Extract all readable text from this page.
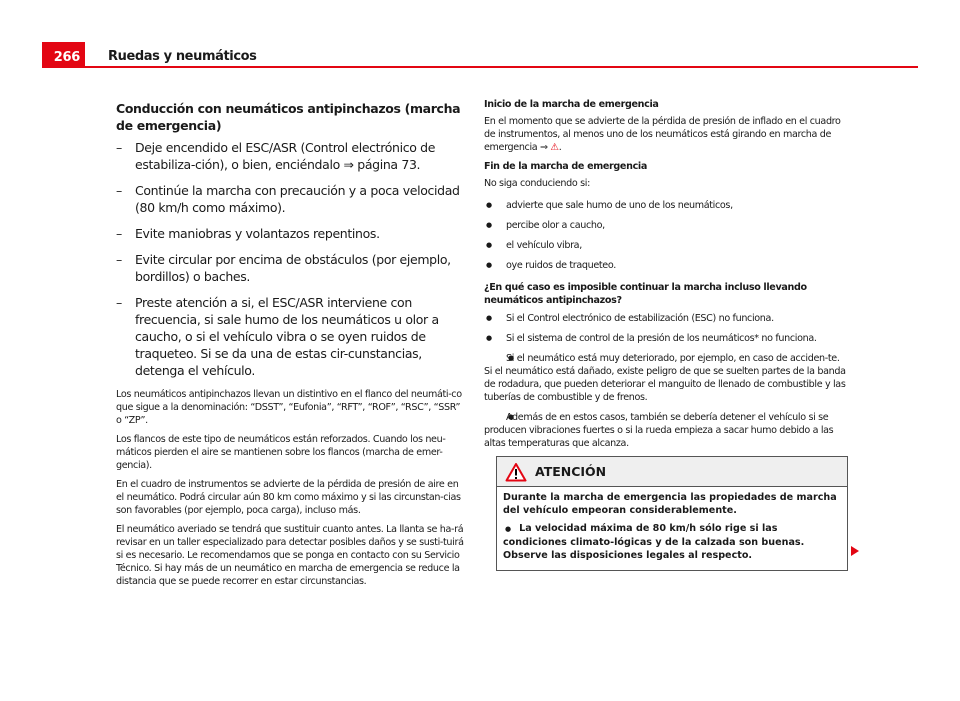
266	Ruedas y neumáticos
Conducción con neumáticos antipinchazos (marcha de emergencia)
– Deje encendido el ESC/ASR (Control electrónico de estabiliza-ción), o bien, enciéndalo ⇒ página 73.
– Continúe la marcha con precaución y a poca velocidad (80 km/h como máximo).
– Evite maniobras y volantazos repentinos.
– Evite circular por encima de obstáculos (por ejemplo, bordillos) o baches.
– Preste atención a si, el ESC/ASR interviene con frecuencia, si sale humo de los neumáticos u olor a caucho, o si el vehículo vibra o se oyen ruidos de traqueteo. Si se da una de estas cir-cunstancias, detenga el vehículo.

Los neumáticos antipinchazos llevan un distintivo en el flanco del neumáti-co que sigue a la denominación: “DSST”, “Eufonia”, “RFT”, “ROF”, “RSC”, “SSR” o “ZP”.

Los flancos de este tipo de neumáticos están reforzados. Cuando los neu-máticos pierden el aire se mantienen sobre los flancos (marcha de emer-gencia).

En el cuadro de instrumentos se advierte de la pérdida de presión de aire en el neumático. Podrá circular aún 80 km como máximo y si las circunstan-cias son favorables (por ejemplo, poca carga), incluso más.

El neumático averiado se tendrá que sustituir cuanto antes. La llanta se ha-rá revisar en un taller especializado para detectar posibles daños y se susti-tuirá si es necesario. Le recomendamos que se ponga en contacto con su Servicio Técnico. Si hay más de un neumático en marcha de emergencia se reduce la distancia que se puede recorrer en estar circunstancias.

Inicio de la marcha de emergencia

En el momento que se advierte de la pérdida de presión de inflado en el cuadro de instrumentos, al menos uno de los neumáticos está girando en marcha de emergencia ⇒ ⚠.

Fin de la marcha de emergencia

No siga conduciendo si:

● advierte que sale humo de uno de los neumáticos,
● percibe olor a caucho,
● el vehículo vibra,
● oye ruidos de traqueteo.
¿En qué caso es imposible continuar la marcha incluso llevando neumáticos antipinchazos?
● Si el Control electrónico de estabilización (ESC) no funciona.
● Si el sistema de control de la presión de los neumáticos* no funciona.
● Si el neumático está muy deteriorado, por ejemplo, en caso de acciden-te. Si el neumático está dañado, existe peligro de que se suelten partes de la banda de rodadura, que pueden deteriorar el manguito de llenado de combustible y las tuberías de combustible y de frenos.
● Además de en estos casos, también se debería detener el vehículo si se producen vibraciones fuertes o si la rueda empieza a sacar humo debido a las altas temperaturas que alcanza.
ATENCIÓN

Durante la marcha de emergencia las propiedades de marcha del vehículo empeoran considerablemente.

● La velocidad máxima de 80 km/h sólo rige si las condiciones climato-lógicas y de la calzada son buenas. Observe las disposiciones legales al respecto.
